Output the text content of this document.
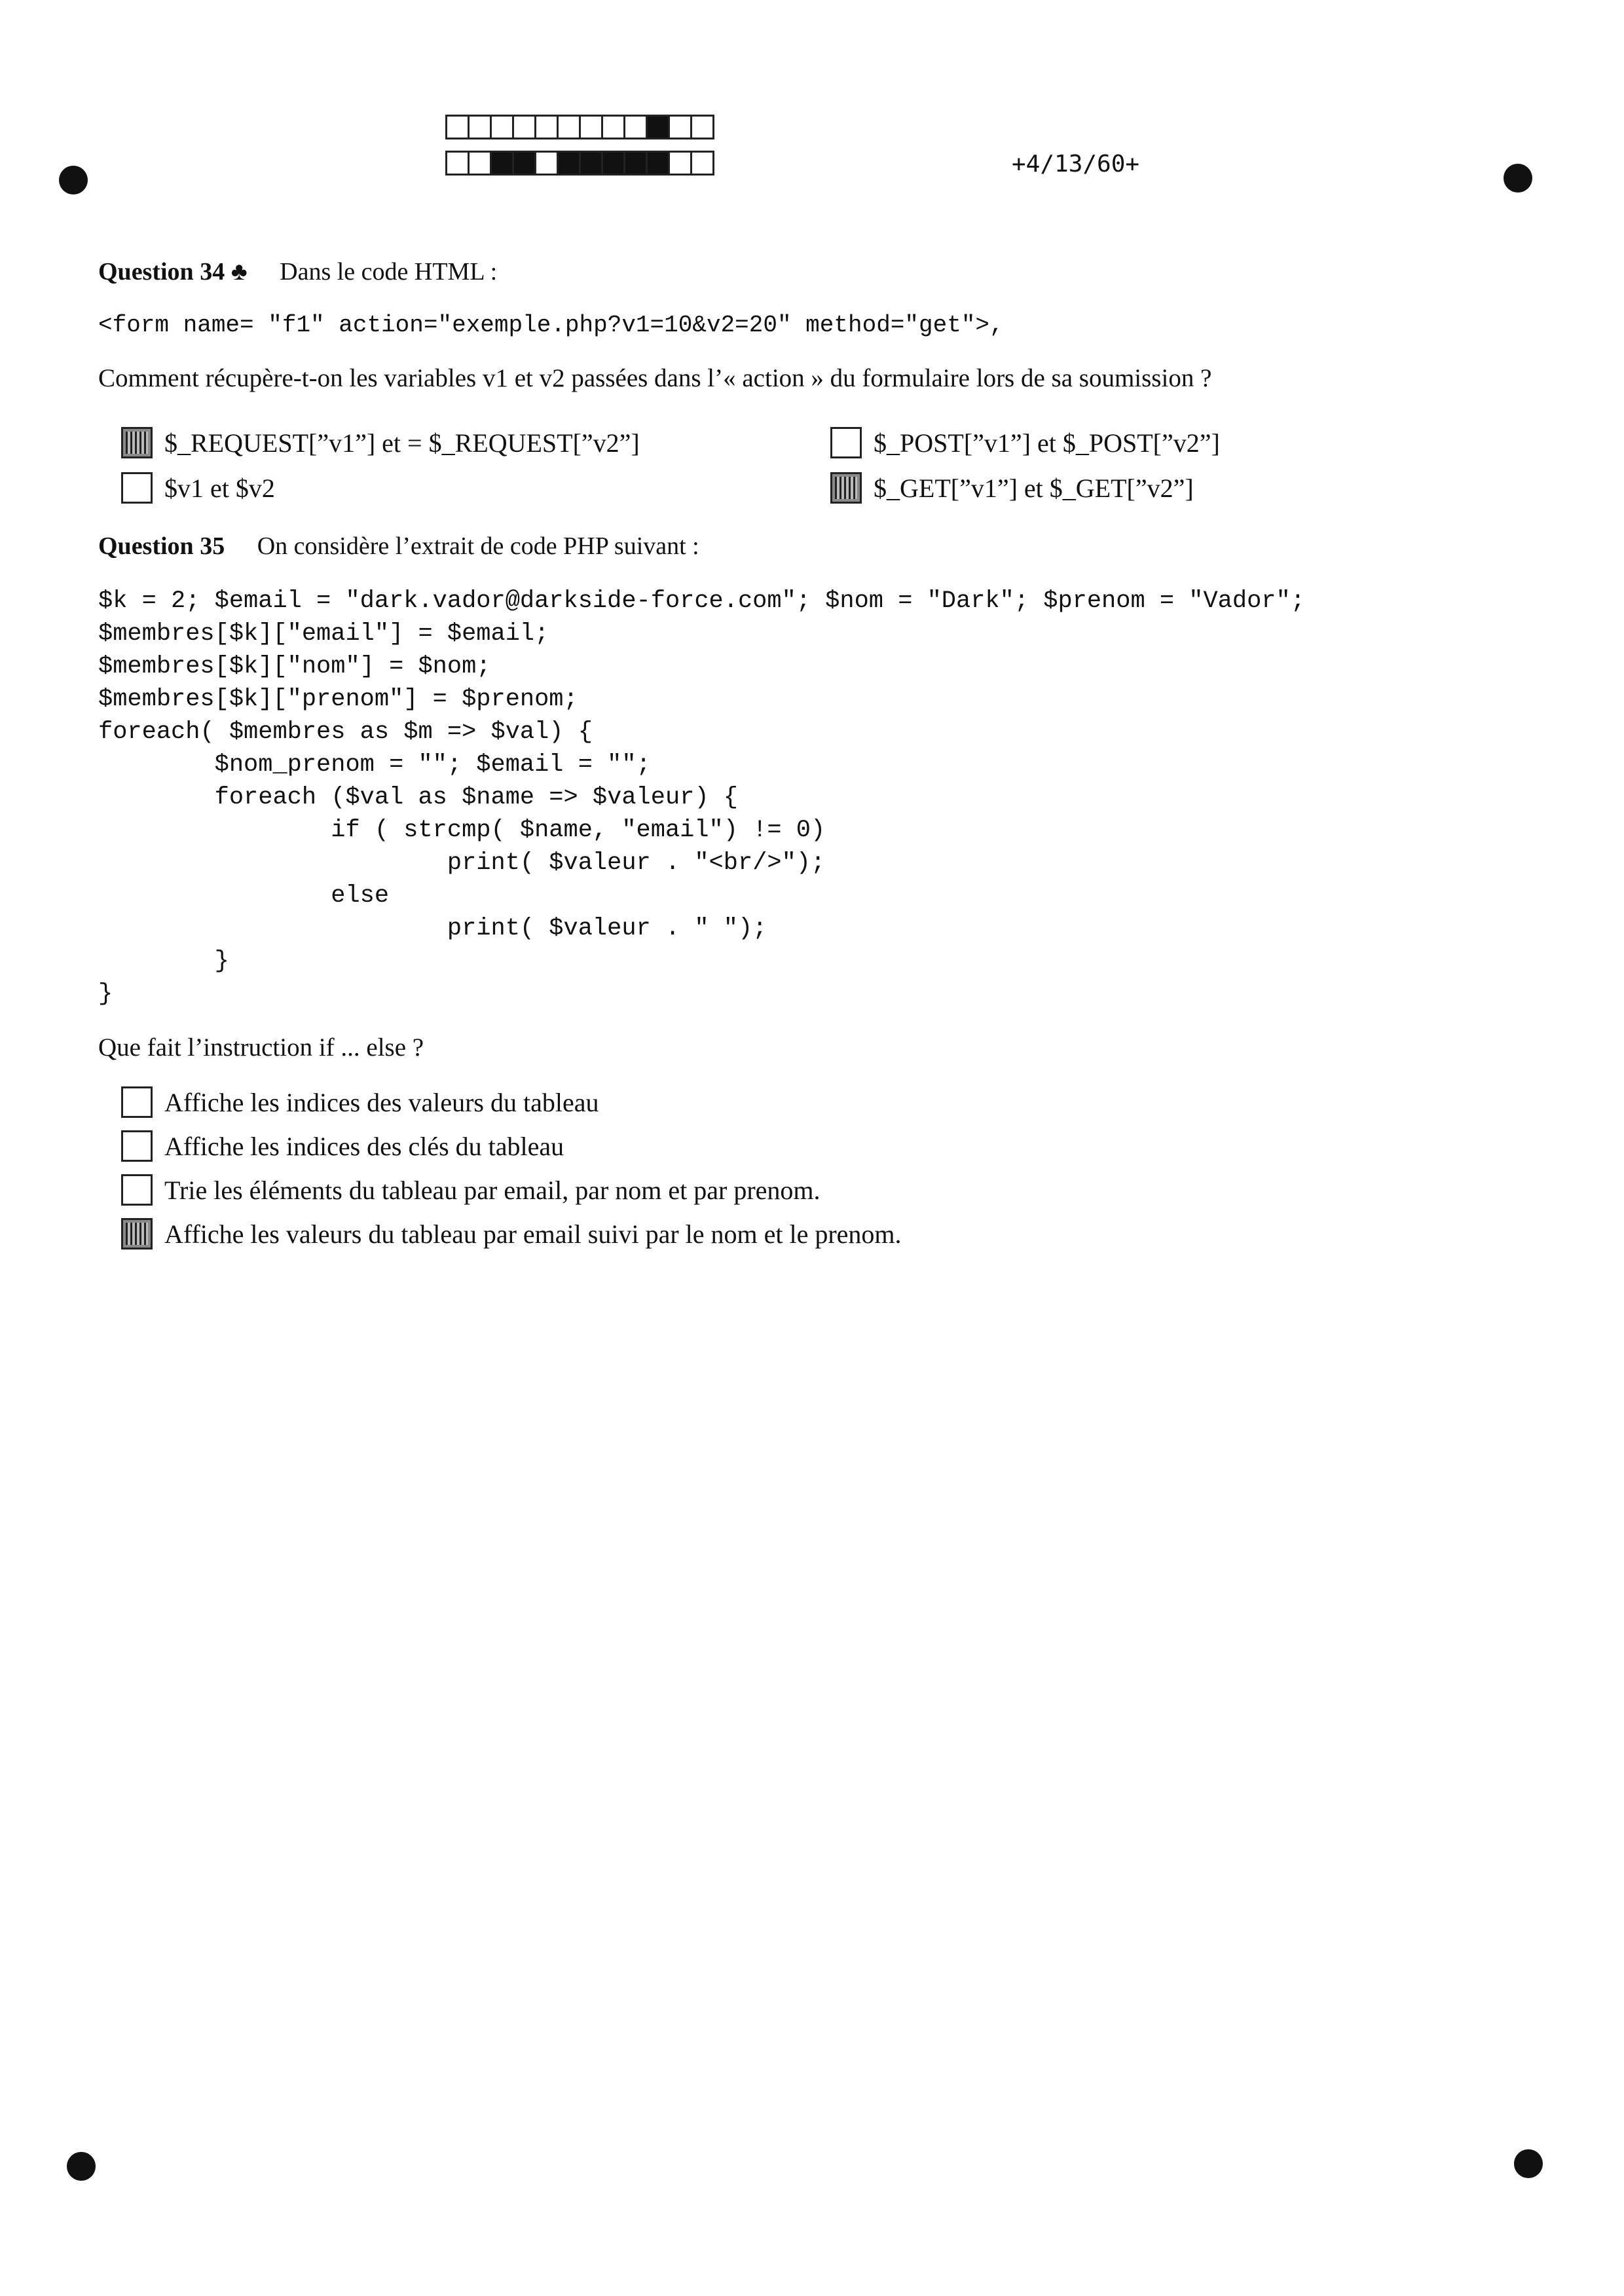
+4/13/60+
Question 34 ♣ Dans le code HTML :
<form name= "f1" action="exemple.php?v1=10&v2=20" method="get">,
Comment récupère-t-on les variables v1 et v2 passées dans l’« action » du formulaire lors de sa soumission ?
$_REQUEST[”v1”] et = $_REQUEST[”v2”]	$_POST[”v1”] et $_POST[”v2”]
$v1 et $v2	$_GET[”v1”] et $_GET[”v2”]
Question 35 On considère l’extrait de code PHP suivant :
$k = 2; $email = "dark.vador@darkside-force.com"; $nom = "Dark"; $prenom = "Vador";
$membres[$k]["email"] = $email;
$membres[$k]["nom"] = $nom;
$membres[$k]["prenom"] = $prenom;
foreach( $membres as $m => $val) {
$nom_prenom = ""; $email = "";
foreach ($val as $name => $valeur) {
if ( strcmp( $name, "email") != 0)
print( $valeur . "<br/>");
else
print( $valeur . " ");
}
}
Que fait l’instruction if ... else ?
Affiche les indices des valeurs du tableau
Affiche les indices des clés du tableau
Trie les éléments du tableau par email, par nom et par prenom.
Affiche les valeurs du tableau par email suivi par le nom et le prenom.
